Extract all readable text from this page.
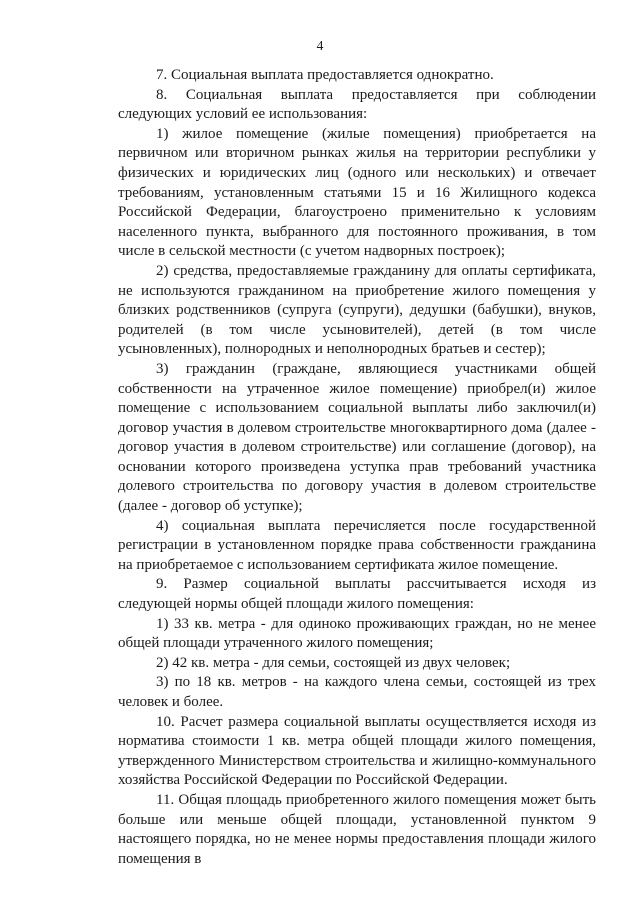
4

7. Социальная выплата предоставляется однократно.

8. Социальная выплата предоставляется при соблюдении следующих условий ее использования:

1) жилое помещение (жилые помещения) приобретается на первичном или вторичном рынках жилья на территории республики у физических и юридических лиц (одного или нескольких) и отвечает требованиям, установленным статьями 15 и 16 Жилищного кодекса Российской Федерации, благоустроено применительно к условиям населенного пункта, выбранного для постоянного проживания, в том числе в сельской местности (с учетом надворных построек);

2) средства, предоставляемые гражданину для оплаты сертификата, не используются гражданином на приобретение жилого помещения у близких родственников (супруга (супруги), дедушки (бабушки), внуков, родителей (в том числе усыновителей), детей (в том числе усыновленных), полнородных и неполнородных братьев и сестер);

3) гражданин (граждане, являющиеся участниками общей собственности на утраченное жилое помещение) приобрел(и) жилое помещение с использованием социальной выплаты либо заключил(и) договор участия в долевом строительстве многоквартирного дома (далее - договор участия в долевом строительстве) или соглашение (договор), на основании которого произведена уступка прав требований участника долевого строительства по договору участия в долевом строительстве (далее - договор об уступке);

4) социальная выплата перечисляется после государственной регистрации в установленном порядке права собственности гражданина на приобретаемое с использованием сертификата жилое помещение.

9. Размер социальной выплаты рассчитывается исходя из следующей нормы общей площади жилого помещения:

1) 33 кв. метра - для одиноко проживающих граждан, но не менее общей площади утраченного жилого помещения;

2) 42 кв. метра - для семьи, состоящей из двух человек;

3) по 18 кв. метров - на каждого члена семьи, состоящей из трех человек и более.

10. Расчет размера социальной выплаты осуществляется исходя из норматива стоимости 1 кв. метра общей площади жилого помещения, утвержденного Министерством строительства и жилищно-коммунального хозяйства Российской Федерации по Российской Федерации.

11. Общая площадь приобретенного жилого помещения может быть больше или меньше общей площади, установленной пунктом 9 настоящего порядка, но не менее нормы предоставления площади жилого помещения в
